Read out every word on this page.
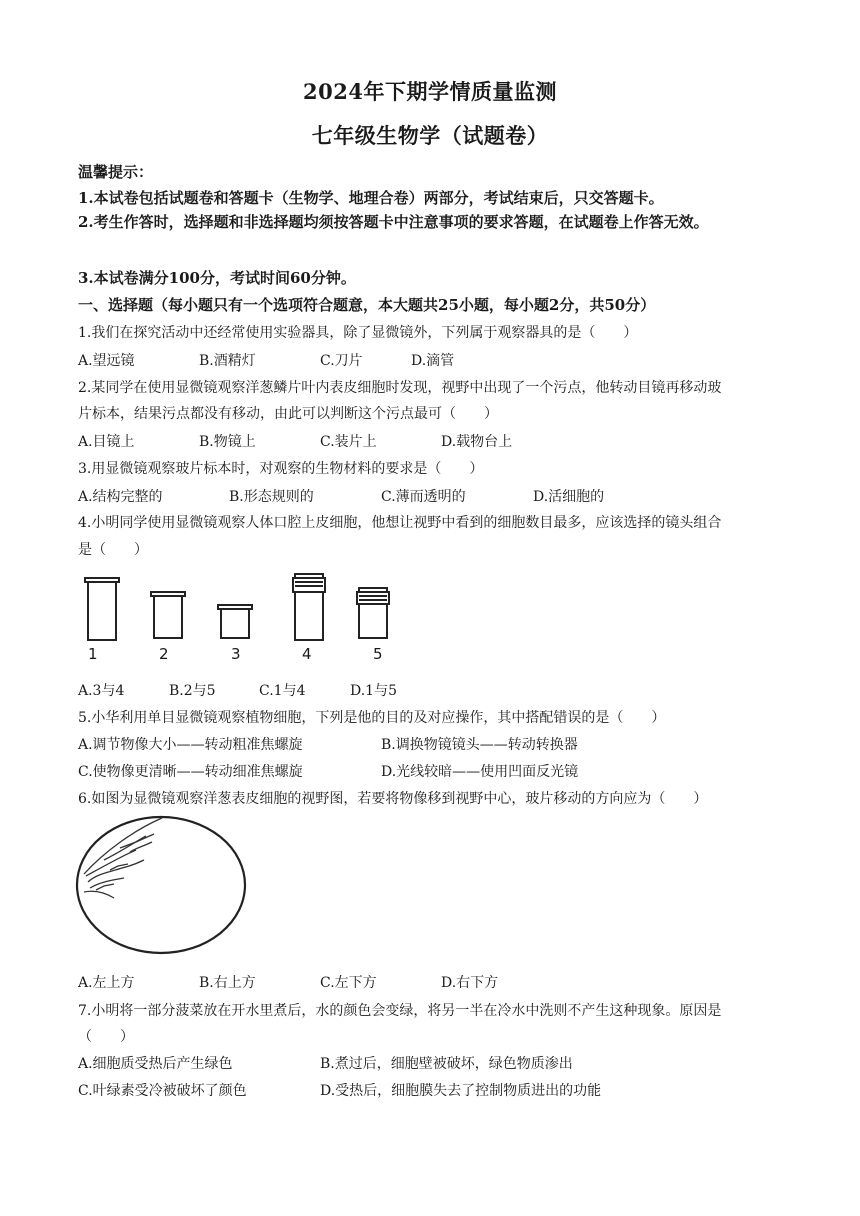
2024年下期学情质量监测
七年级生物学（试题卷）
温馨提示：
1.本试卷包括试题卷和答题卡（生物学、地理合卷）两部分，考试结束后，只交答题卡。
2.考生作答时，选择题和非选择题均须按答题卡中注意事项的要求答题，在试题卷上作答无效。
3.本试卷满分100分，考试时间60分钟。
一、选择题（每小题只有一个选项符合题意，本大题共25小题，每小题2分，共50分）
1.我们在探究活动中还经常使用实验器具，除了显微镜外，下列属于观察器具的是（　　）
A.望远镜	B.酒精灯	C.刀片	D.滴管
2.某同学在使用显微镜观察洋葱鳞片叶内表皮细胞时发现，视野中出现了一个污点，他转动目镜再移动玻
片标本，结果污点都没有移动，由此可以判断这个污点最可（　　）
A.目镜上	B.物镜上	C.装片上	D.载物台上
3.用显微镜观察玻片标本时，对观察的生物材料的要求是（　　）
A.结构完整的	B.形态规则的	C.薄而透明的	D.活细胞的
4.小明同学使用显微镜观察人体口腔上皮细胞，他想让视野中看到的细胞数目最多，应该选择的镜头组合
是（　　）
1	2	3	4	5
A.3与4	B.2与5	C.1与4	D.1与5
5.小华利用单目显微镜观察植物细胞，下列是他的目的及对应操作，其中搭配错误的是（　　）
A.调节物像大小——转动粗准焦螺旋	B.调换物镜镜头——转动转换器
C.使物像更清晰——转动细准焦螺旋	D.光线较暗——使用凹面反光镜
6.如图为显微镜观察洋葱表皮细胞的视野图，若要将物像移到视野中心，玻片移动的方向应为（　　）
A.左上方	B.右上方	C.左下方	D.右下方
7.小明将一部分菠菜放在开水里煮后，水的颜色会变绿，将另一半在冷水中洗则不产生这种现象。原因是
（　　）
A.细胞质受热后产生绿色	B.煮过后，细胞壁被破坏，绿色物质渗出
C.叶绿素受冷被破坏了颜色	D.受热后，细胞膜失去了控制物质进出的功能
